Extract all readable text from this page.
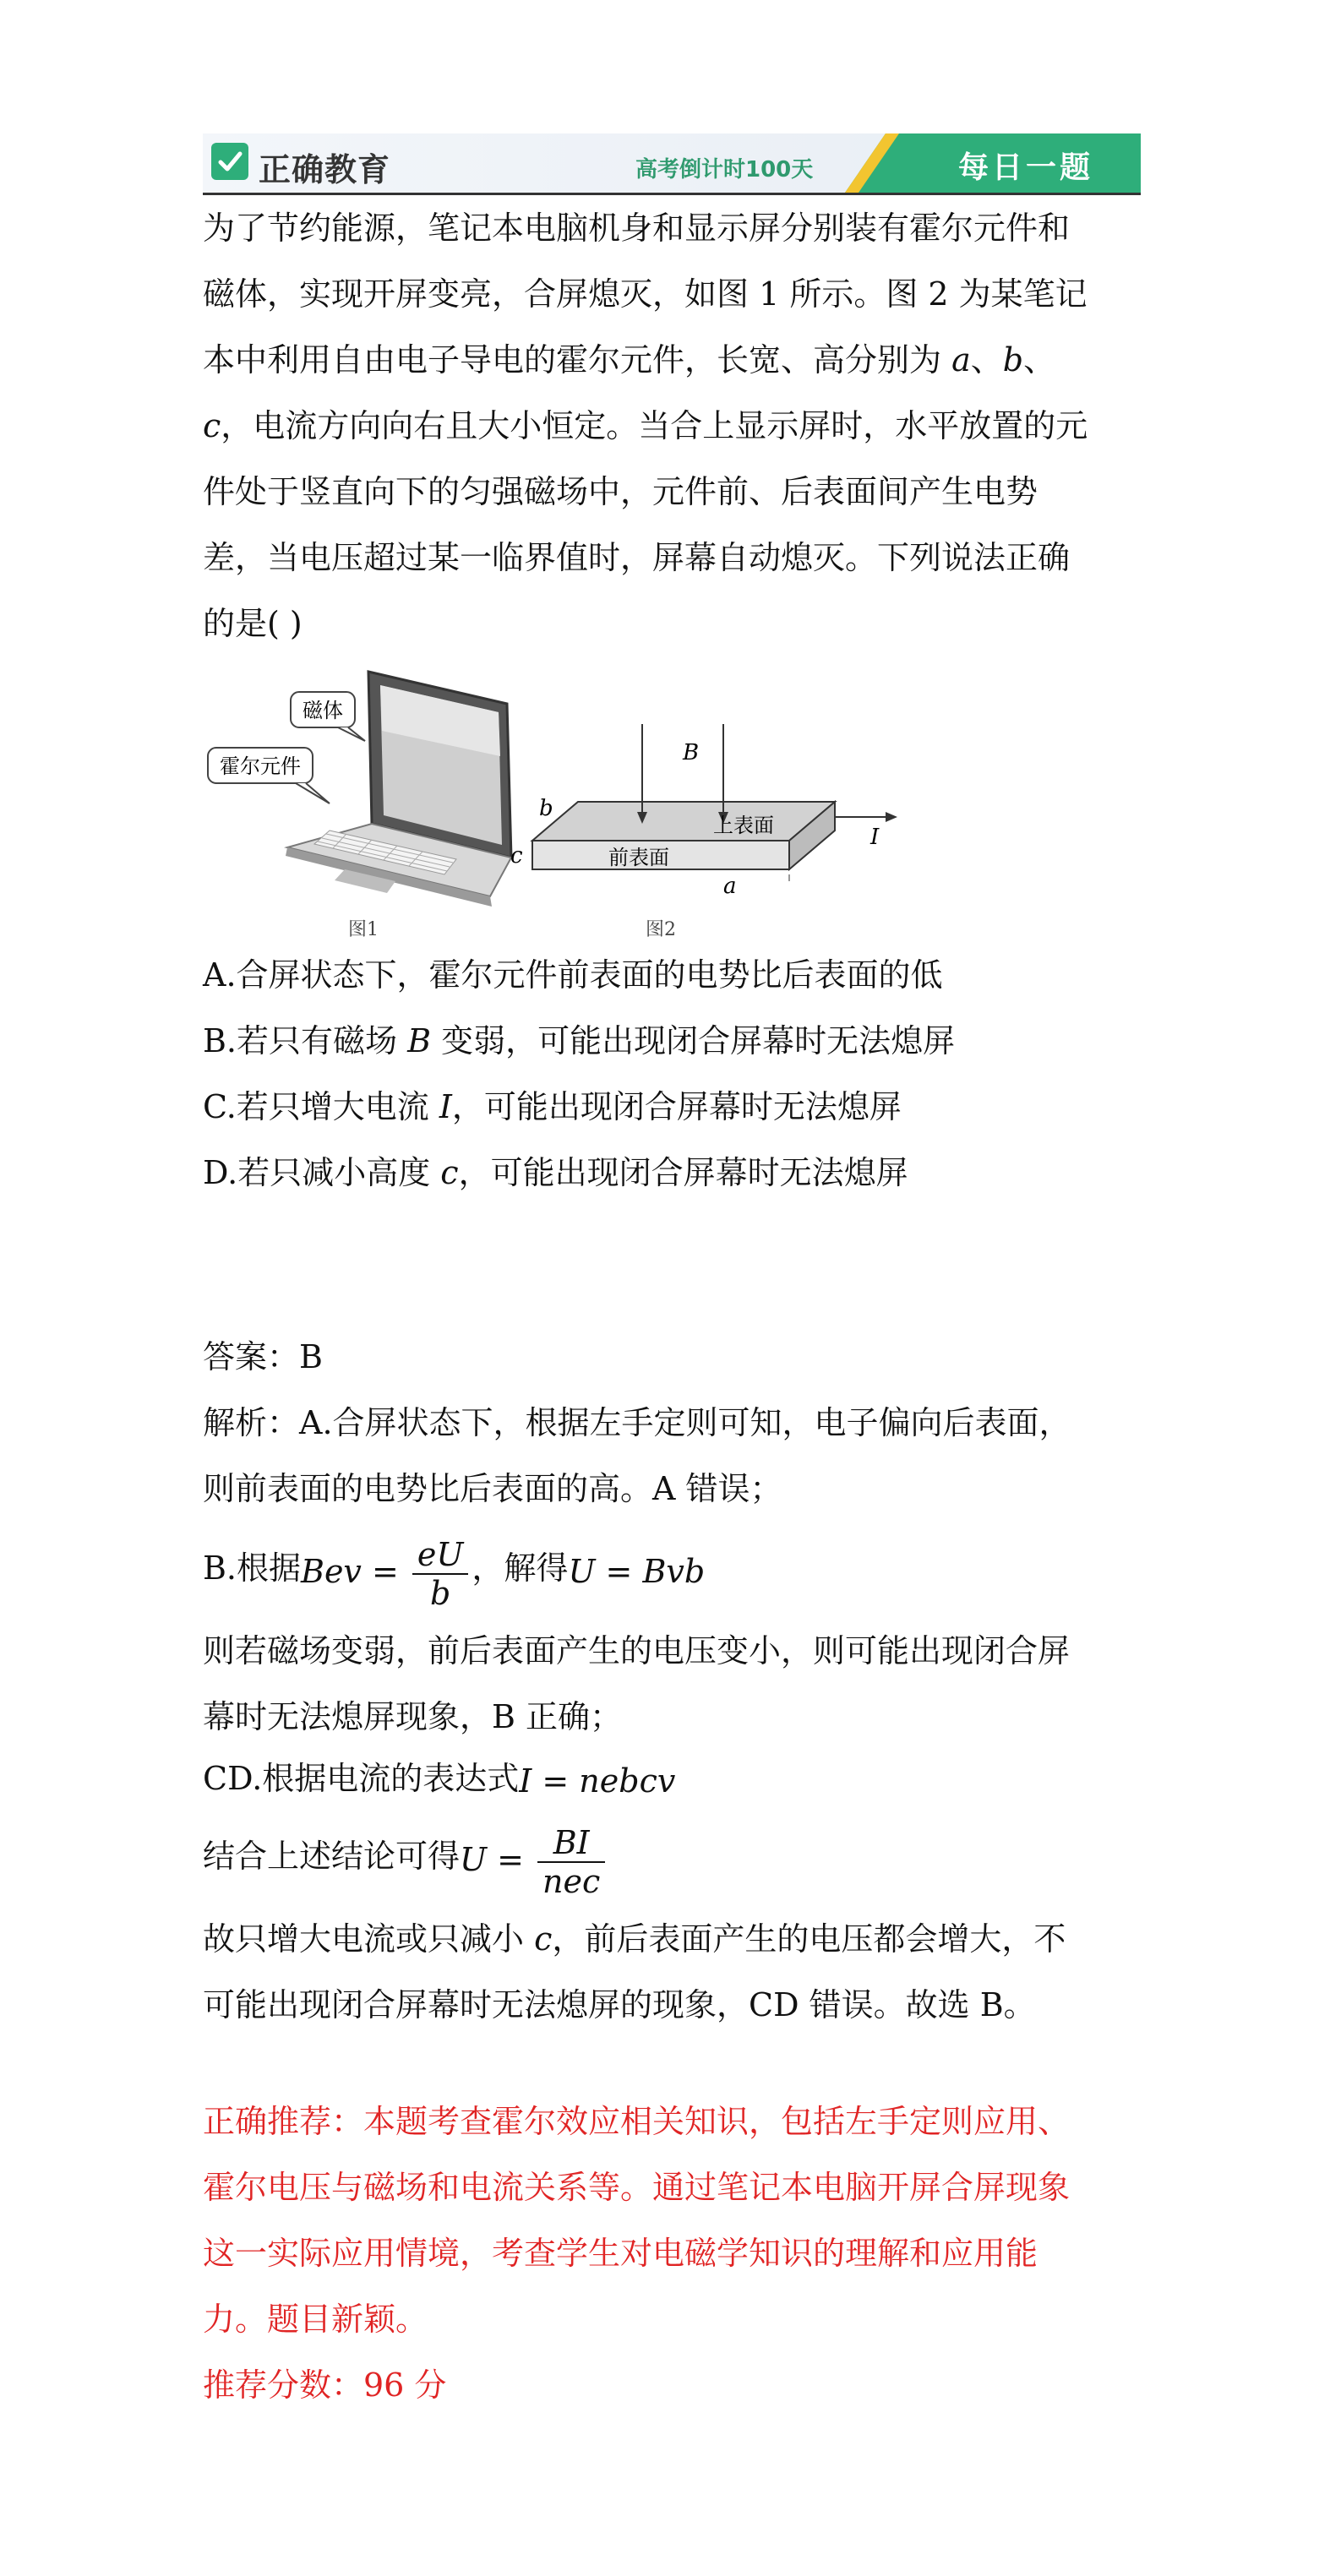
正确教育	高考倒计时100天	每日一题

为了节约能源，笔记本电脑机身和显示屏分别装有霍尔元件和

磁体，实现开屏变亮，合屏熄灭，如图 1 所示。图 2 为某笔记

本中利用自由电子导电的霍尔元件，长宽、高分别为 a、b、

c，电流方向向右且大小恒定。当合上显示屏时，水平放置的元

件处于竖直向下的匀强磁场中，元件前、后表面间产生电势

差，当电压超过某一临界值时，屏幕自动熄灭。下列说法正确

的是( )

磁体
霍尔元件
图1
B
b
c
a
I
上表面
前表面
图2

A.合屏状态下，霍尔元件前表面的电势比后表面的低

B.若只有磁场 B 变弱，可能出现闭合屏幕时无法熄屏

C.若只增大电流 I，可能出现闭合屏幕时无法熄屏

D.若只减小高度 c，可能出现闭合屏幕时无法熄屏

答案：B

解析：A.合屏状态下，根据左手定则可知，电子偏向后表面，

则前表面的电势比后表面的高。A 错误；

B.根据Bev = $\frac{eU}{b}$ ，解得U = Bvb

则若磁场变弱，前后表面产生的电压变小，则可能出现闭合屏

幕时无法熄屏现象，B 正确；

CD.根据电流的表达式I = nebcv

结合上述结论可得$U = \frac{BI}{\text{nec}}$

故只增大电流或只减小 c，前后表面产生的电压都会增大，不

可能出现闭合屏幕时无法熄屏的现象，CD 错误。故选 B。

正确推荐：本题考查霍尔效应相关知识，包括左手定则应用、

霍尔电压与磁场和电流关系等。通过笔记本电脑开屏合屏现象

这一实际应用情境，考查学生对电磁学知识的理解和应用能

力。题目新颖。

推荐分数：96 分
